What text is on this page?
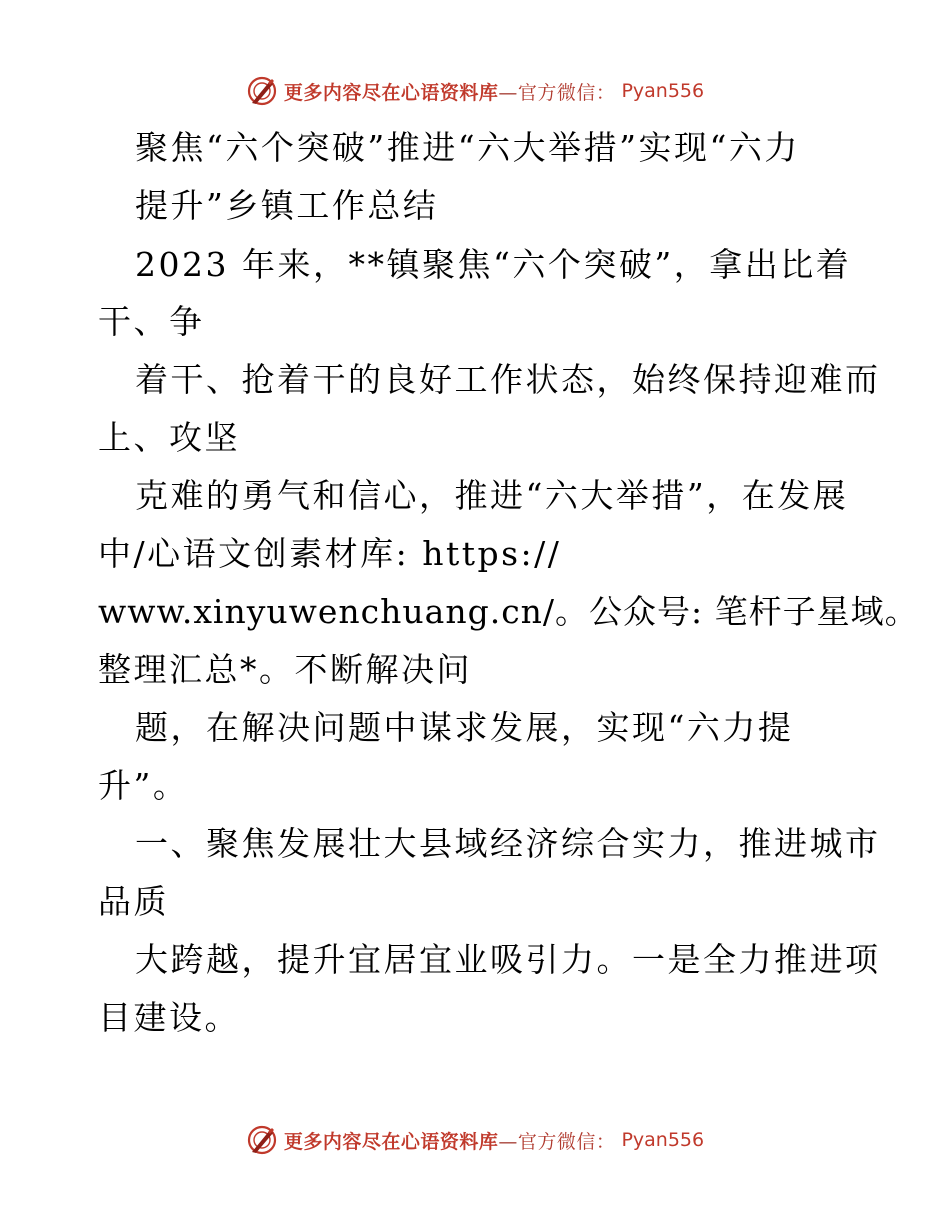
更多内容尽在心语资料库—官方微信： Pyan556
聚焦“六个突破”推进“六大举措”实现“六力
提升”乡镇工作总结
2023 年来，**镇聚焦“六个突破”，拿出比着
干、争
着干、抢着干的良好工作状态，始终保持迎难而
上、攻坚
克难的勇气和信心，推进“六大举措”，在发展
中/心语文创素材库: https://
www.xinyuwenchuang.cn/。公众号: 笔杆子星域。
整理汇总*。不断解决问
题，在解决问题中谋求发展，实现“六力提
升”。
一、聚焦发展壮大县域经济综合实力，推进城市
品质
大跨越，提升宜居宜业吸引力。一是全力推进项
目建设。
更多内容尽在心语资料库—官方微信： Pyan556
